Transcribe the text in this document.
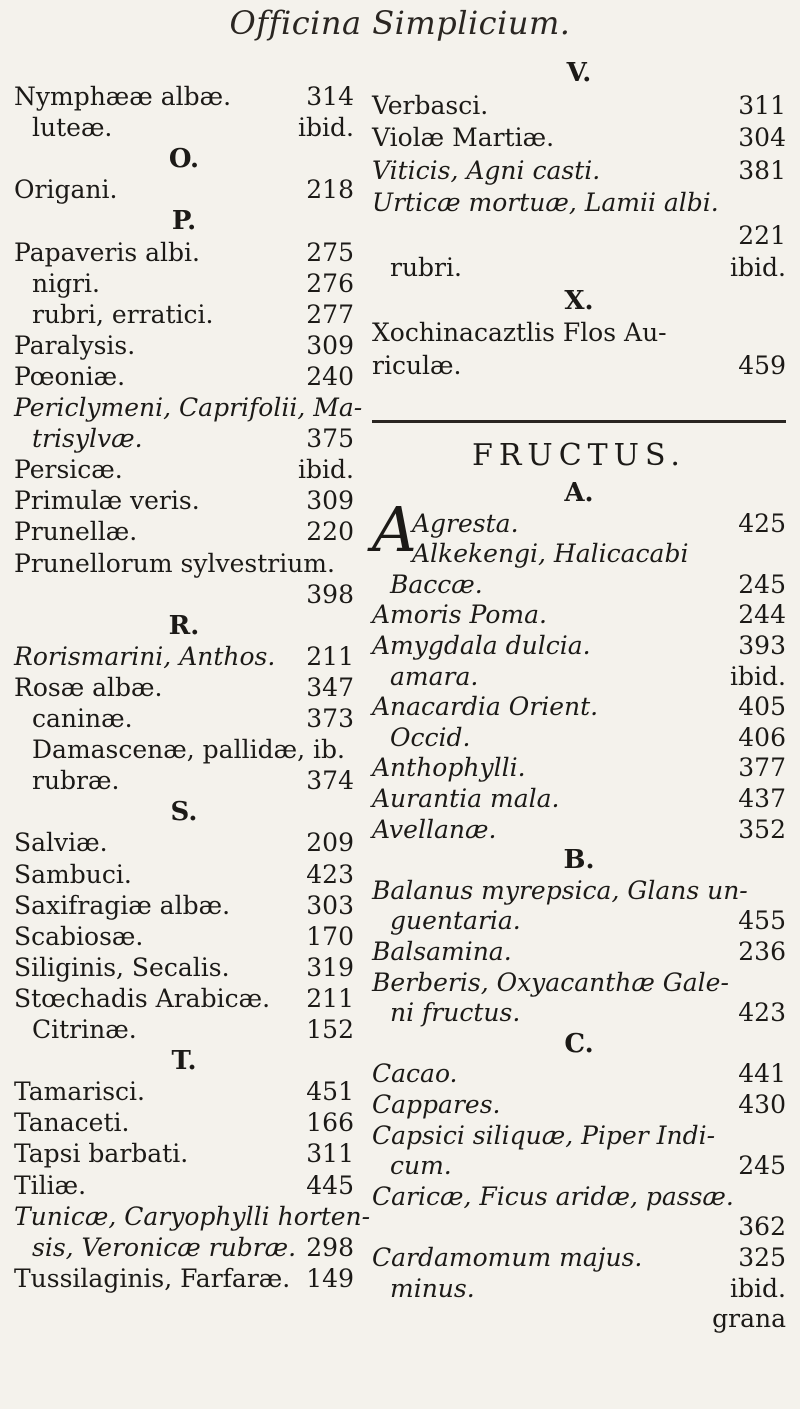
Officina Simplicium.
Nymphææ albæ.	314
luteæ.	ibid.
O.
Origani.	218
P.
Papaveris albi.	275
nigri.	276
rubri, erratici.	277
Paralysis.	309
Pœoniæ.	240
Periclymeni, Caprifolii, Ma-
trisylvæ.	375
Persicæ.	ibid.
Primulæ veris.	309
Prunellæ.	220
Prunellorum sylvestrium.
398
R.
Rorismarini, Anthos. 211
Rosæ albæ.	347
caninæ.	373
Damascenæ, pallidæ, ib.
rubræ.	374
S.
Salviæ.	209
Sambuci.	423
Saxifragiæ albæ.	303
Scabiosæ.	170
Siliginis, Secalis.	319
Stœchadis Arabicæ. 211
Citrinæ.	152
T.
Tamarisci.	451
Tanaceti.	166
Tapsi barbati.	311
Tiliæ.	445
Tunicæ, Caryophylli horten-
sis, Veronicæ rubræ. 298
Tussilaginis, Farfaræ. 149
V.
Verbasci.	311
Violæ Martiæ.	304
Viticis, Agni casti.	381
Urticæ mortuæ, Lamii albi.
221
rubri.	ibid.
X.
Xochinacaztlis Flos Au-
riculæ.	459
FRUCTUS.
A.
Agresta.	425
Alkekengi, Halicacabi
Baccæ.	245
Amoris Poma.	244
Amygdala dulcia.	393
amara.	ibid.
Anacardia Orient.	405
Occid.	406
Anthophylli.	377
Aurantia mala.	437
Avellanæ.	352
B.
Balanus myrepsica, Glans un-
guentaria.	455
Balsamina.	236
Berberis, Oxyacanthæ Gale-
ni fructus.	423
C.
Cacao.	441
Cappares.	430
Capsici siliquæ, Piper Indi-
cum.	245
Caricæ, Ficus aridæ, passæ.
362
Cardamomum majus.	325
minus.	ibid.
grana
A
